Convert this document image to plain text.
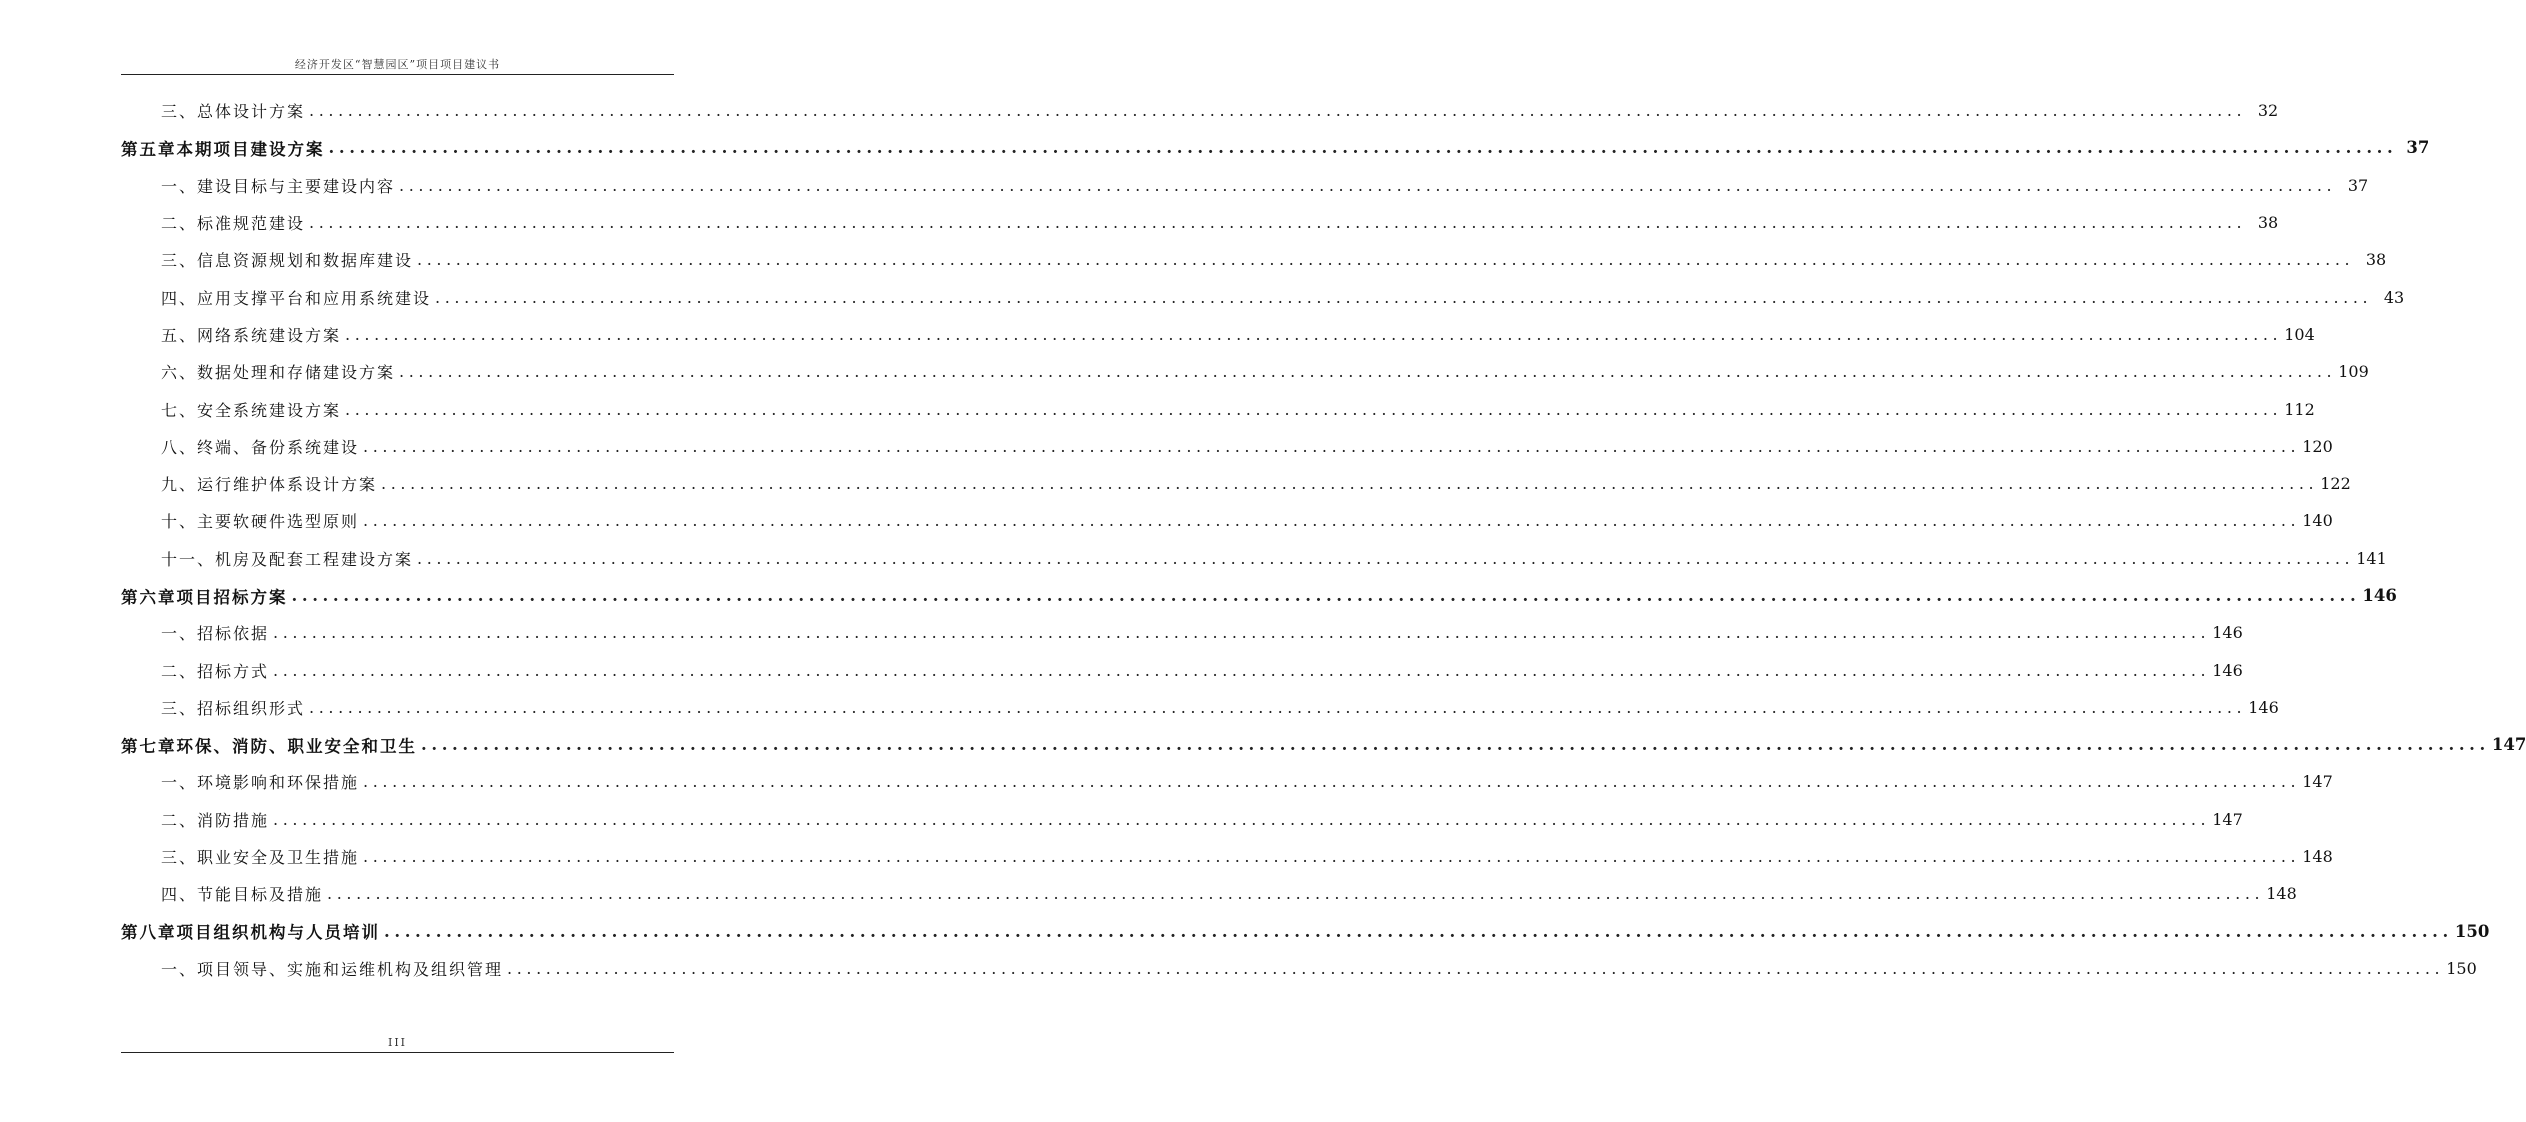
经济开发区“智慧园区”项目项目建议书
三、总体设计方案 ........................................................................................................................................................................................................ 32
第五章本期项目建设方案 ........................................................................................................................................................................................................ 37
一、建设目标与主要建设内容 ........................................................................................................................................................................................................ 37
二、标准规范建设 ........................................................................................................................................................................................................ 38
三、信息资源规划和数据库建设 ........................................................................................................................................................................................................ 38
四、应用支撑平台和应用系统建设 ........................................................................................................................................................................................................ 43
五、网络系统建设方案 ........................................................................................................................................................................................................ 104
六、数据处理和存储建设方案 ........................................................................................................................................................................................................ 109
七、安全系统建设方案 ........................................................................................................................................................................................................ 112
八、终端、备份系统建设 ........................................................................................................................................................................................................ 120
九、运行维护体系设计方案 ........................................................................................................................................................................................................ 122
十、主要软硬件选型原则 ........................................................................................................................................................................................................ 140
十一、机房及配套工程建设方案 ........................................................................................................................................................................................................ 141
第六章项目招标方案 ........................................................................................................................................................................................................ 146
一、招标依据 ........................................................................................................................................................................................................ 146
二、招标方式 ........................................................................................................................................................................................................ 146
三、招标组织形式 ........................................................................................................................................................................................................ 146
第七章环保、消防、职业安全和卫生 ........................................................................................................................................................................................................ 147
一、环境影响和环保措施 ........................................................................................................................................................................................................ 147
二、消防措施 ........................................................................................................................................................................................................ 147
三、职业安全及卫生措施 ........................................................................................................................................................................................................ 148
四、节能目标及措施 ........................................................................................................................................................................................................ 148
第八章项目组织机构与人员培训 ........................................................................................................................................................................................................ 150
一、项目领导、实施和运维机构及组织管理 ........................................................................................................................................................................................................ 150
III
